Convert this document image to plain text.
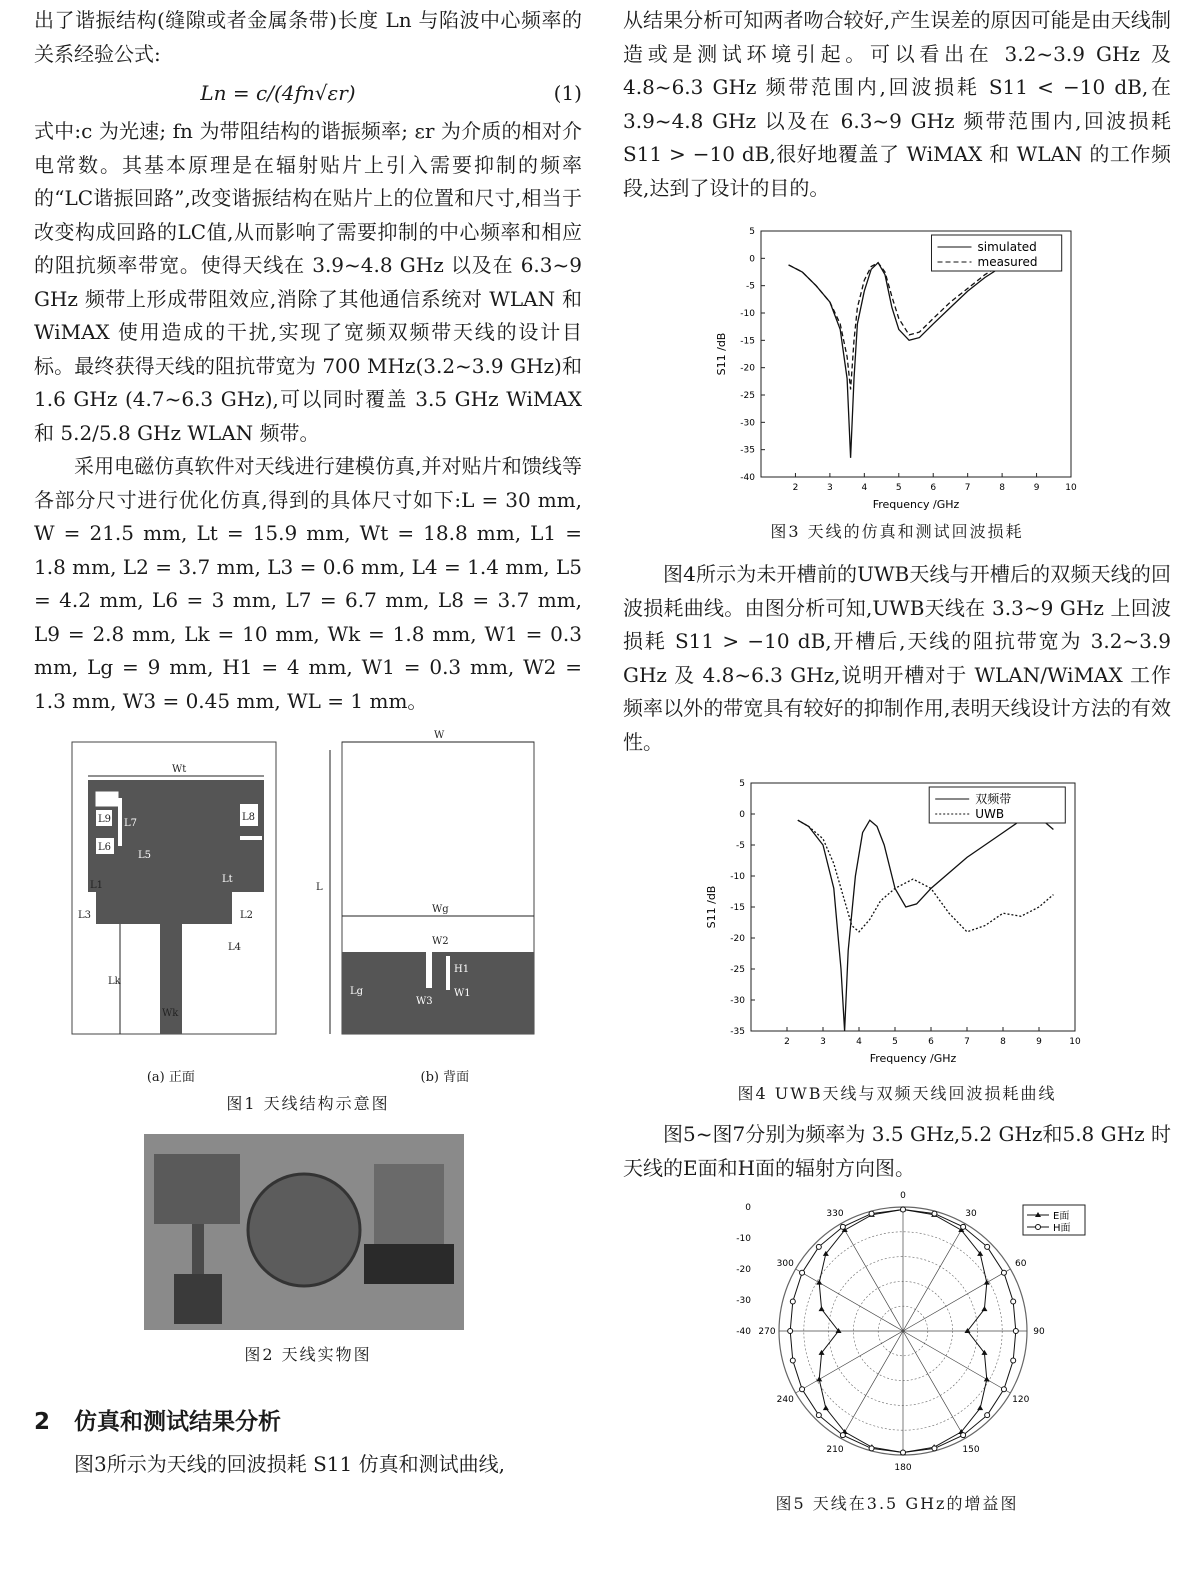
出了谐振结构(缝隙或者金属条带)长度 Ln 与陷波中心频率的关系经验公式:

Ln = c/(4fn√εr)	(1)

式中:c 为光速; fn 为带阻结构的谐振频率; εr 为介质的相对介电常数。其基本原理是在辐射贴片上引入需要抑制的频率的“LC谐振回路”,改变谐振结构在贴片上的位置和尺寸,相当于改变构成回路的LC值,从而影响了需要抑制的中心频率和相应的阻抗频率带宽。使得天线在 3.9~4.8 GHz 以及在 6.3~9 GHz 频带上形成带阻效应,消除了其他通信系统对 WLAN 和 WiMAX 使用造成的干扰,实现了宽频双频带天线的设计目标。最终获得天线的阻抗带宽为 700 MHz(3.2~3.9 GHz)和 1.6 GHz (4.7~6.3 GHz),可以同时覆盖 3.5 GHz WiMAX 和 5.2/5.8 GHz WLAN 频带。

采用电磁仿真软件对天线进行建模仿真,并对贴片和馈线等各部分尺寸进行优化仿真,得到的具体尺寸如下:L = 30 mm, W = 21.5 mm, Lt = 15.9 mm, Wt = 18.8 mm, L1 = 1.8 mm, L2 = 3.7 mm, L3 = 0.6 mm, L4 = 1.4 mm, L5 = 4.2 mm, L6 = 3 mm, L7 = 6.7 mm, L8 = 3.7 mm, L9 = 2.8 mm, Lk = 10 mm, Wk = 1.8 mm, W1 = 0.3 mm, Lg = 9 mm, H1 = 4 mm, W1 = 0.3 mm, W2 = 1.3 mm, W3 = 0.45 mm, WL = 1 mm。

Wt
W1
L9 L7
L6
L5
L8
Lt
L1
L3	L2
L4
Lk
Wk
W
L
Wg
W2
H1
Lg
W3
W1
(a) 正面	(b) 背面
图1 天线结构示意图
图2 天线实物图
2 仿真和测试结果分析

图3所示为天线的回波损耗 S11 仿真和测试曲线,

从结果分析可知两者吻合较好,产生误差的原因可能是由天线制造或是测试环境引起。可以看出在 3.2~3.9 GHz 及 4.8~6.3 GHz 频带范围内,回波损耗 S11 < −10 dB,在 3.9~4.8 GHz 以及在 6.3~9 GHz 频带范围内,回波损耗 S11 > −10 dB,很好地覆盖了 WiMAX 和 WLAN 的工作频段,达到了设计的目的。

5
0
-5
-10
-15
-20
-25
-30
-35
-40
2	3	4	5	6	7	8	9	10
Frequency /GHz
S11 /dB
simulated
measured
图3 天线的仿真和测试回波损耗

图4所示为未开槽前的UWB天线与开槽后的双频天线的回波损耗曲线。由图分析可知,UWB天线在 3.3~9 GHz 上回波损耗 S11 > −10 dB,开槽后,天线的阻抗带宽为 3.2~3.9 GHz 及 4.8~6.3 GHz,说明开槽对于 WLAN/WiMAX 工作频率以外的带宽具有较好的抑制作用,表明天线设计方法的有效性。

5
0
-5
-10
-15
-20
-25
-30
-35
2	3	4	5	6	7	8	9	10
Frequency /GHz
S11 /dB
双频带
UWB
图4 UWB天线与双频天线回波损耗曲线

图5~图7分别为频率为 3.5 GHz,5.2 GHz和5.8 GHz 时天线的E面和H面的辐射方向图。

0
30
60
90
120
150
180
210
240
270
300
330
0
-10
-20
-30
-40
E面
H面
图5 天线在3.5 GHz的增益图
